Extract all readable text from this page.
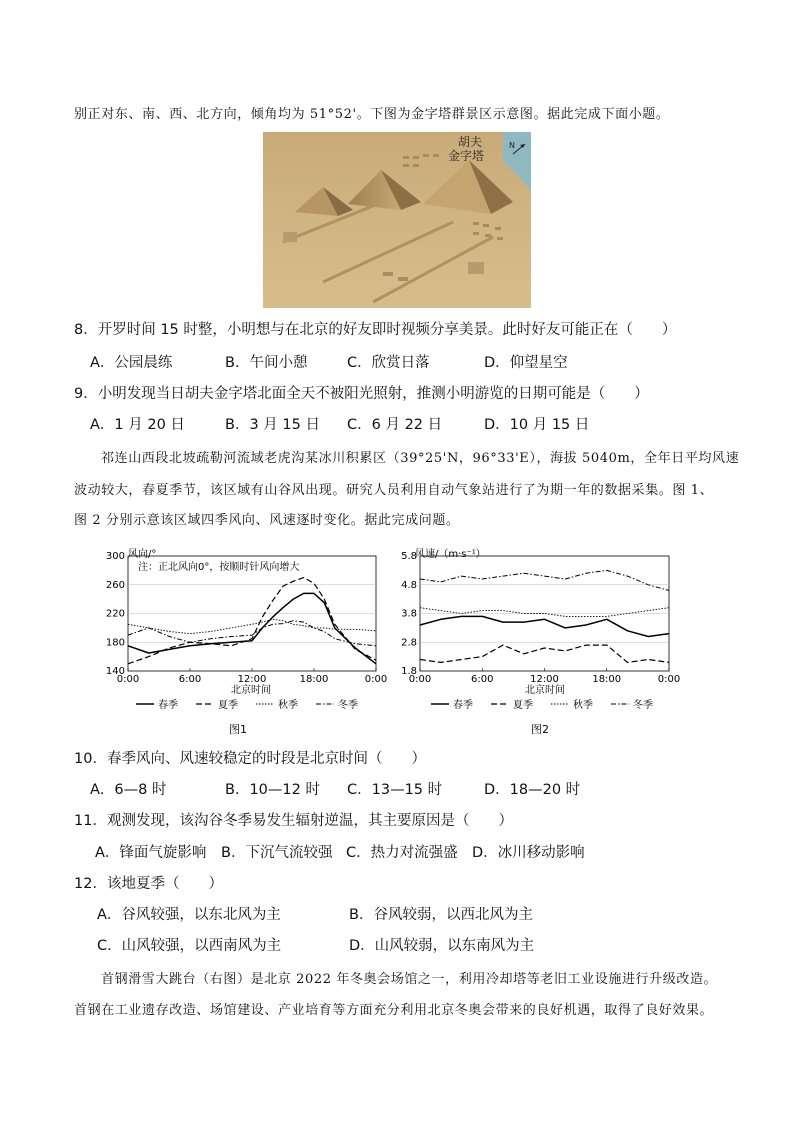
别正对东、南、西、北方向，倾角均为 51°52'。下图为金字塔群景区示意图。据此完成下面小题。
胡夫
金字塔
N
8．开罗时间 15 时整，小明想与在北京的好友即时视频分享美景。此时好友可能正在（　　）
A．公园晨练	B．午间小憩	C．欣赏日落	D．仰望星空
9．小明发现当日胡夫金字塔北面全天不被阳光照射，推测小明游览的日期可能是（　　）
A．1 月 20 日	B．3 月 15 日 C．6 月 22 日	D．10 月 15 日
祁连山西段北坡疏勒河流域老虎沟某冰川积累区（39°25'N，96°33'E），海拔 5040m，全年日平均风速
波动较大，春夏季节，该区域有山谷风出现。研究人员利用自动气象站进行了为期一年的数据采集。图 1、
图 2 分别示意该区域四季风向、风速逐时变化。据此完成问题。
风向/°
注：正北风向0°，按顺时针风向增大
140
180
220
260
300
0:00	6:00	12:00	18:00	0:00
北京时间
春季	夏季	秋季	冬季
图1
风速/（m·s⁻¹）
1.8
2.8
3.8
4.8
5.8
0:00	6:00	12:00	18:00	0:00
北京时间
春季	夏季	秋季	冬季
图2
10．春季风向、风速较稳定的时段是北京时间（　　）
A．6—8 时	B．10—12 时 C．13—15 时	D．18—20 时
11．观测发现，该沟谷冬季易发生辐射逆温，其主要原因是（　　）
A．锋面气旋影响 B．下沉气流较强 C．热力对流强盛 D．冰川移动影响
12．该地夏季（　　）
A．谷风较强，以东北风为主	B．谷风较弱，以西北风为主
C．山风较强，以西南风为主	D．山风较弱，以东南风为主
首钢滑雪大跳台（右图）是北京 2022 年冬奥会场馆之一，利用冷却塔等老旧工业设施进行升级改造。
首钢在工业遗存改造、场馆建设、产业培育等方面充分利用北京冬奥会带来的良好机遇，取得了良好效果。
